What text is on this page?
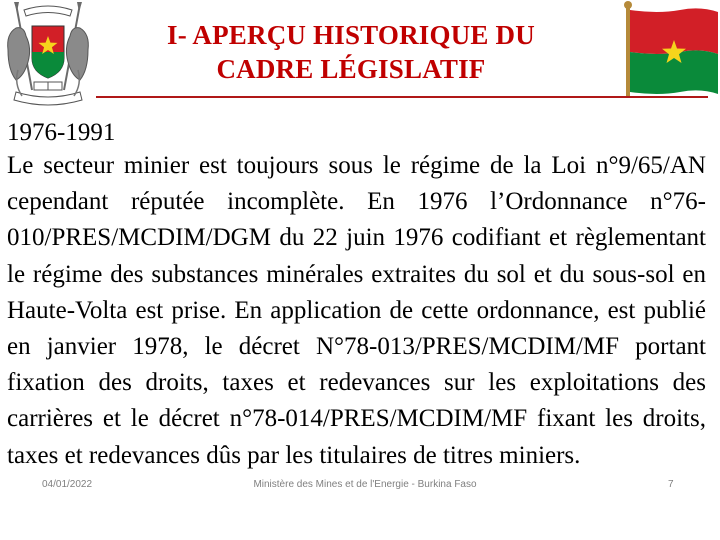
I- APERÇU HISTORIQUE DU
CADRE LÉGISLATIF
1976-1991
Le secteur minier est toujours sous le régime de la Loi n°9/65/AN cependant réputée incomplète. En 1976 l’Ordonnance n°76-010/PRES/MCDIM/DGM du 22 juin 1976 codifiant et règlementant le régime des substances minérales extraites du sol et du sous-sol en Haute-Volta est prise. En application de cette ordonnance, est publié en janvier 1978, le décret N°78-013/PRES/MCDIM/MF portant fixation des droits, taxes et redevances sur les exploitations des carrières et le décret n°78-014/PRES/MCDIM/MF fixant les droits, taxes et redevances dûs par les titulaires de titres miniers.
04/01/2022	Ministère des Mines et de l'Energie - Burkina Faso	7
